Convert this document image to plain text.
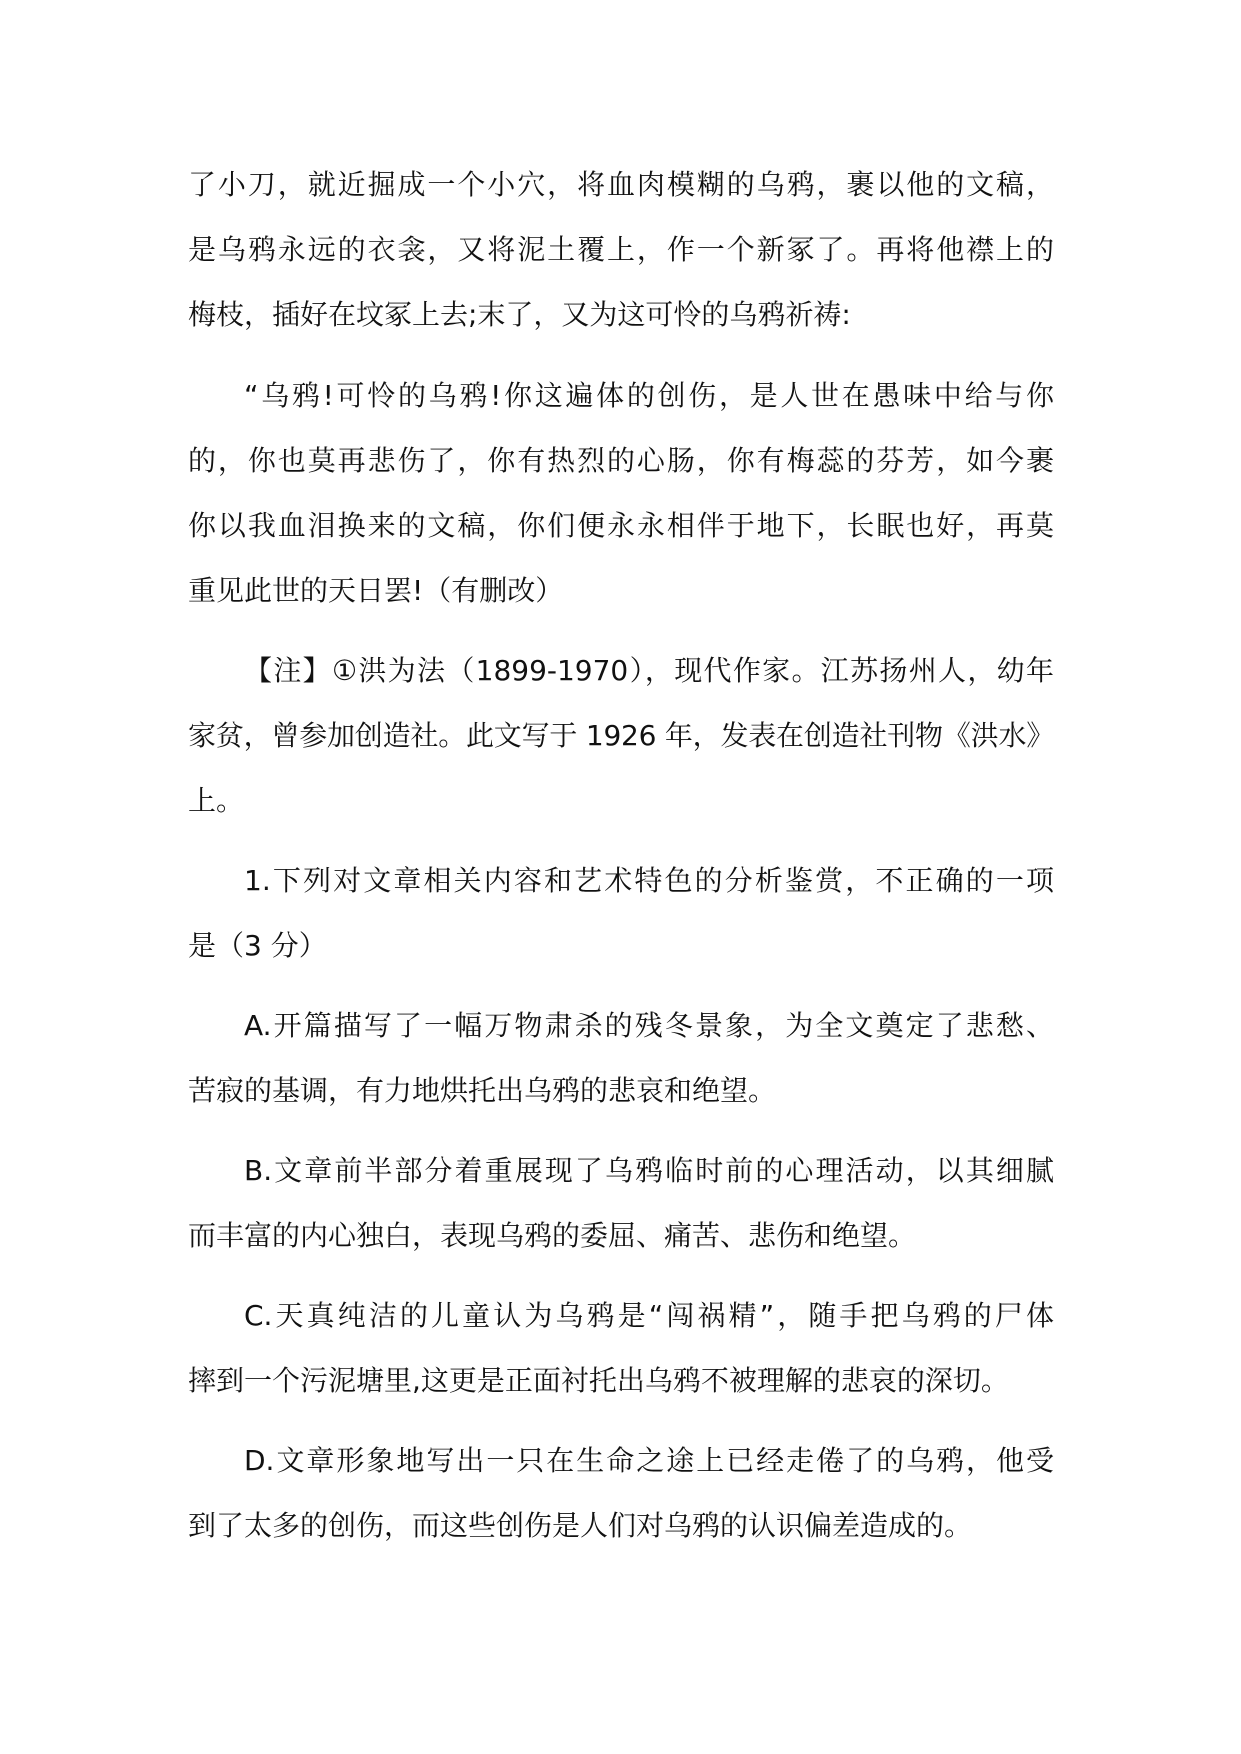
了小刀，就近掘成一个小穴，将血肉模糊的乌鸦，裹以他的文稿，
是乌鸦永远的衣衾，又将泥土覆上，作一个新冢了。再将他襟上的
梅枝，插好在坟冢上去;末了，又为这可怜的乌鸦祈祷:
“乌鸦!可怜的乌鸦!你这遍体的创伤，是人世在愚味中给与你
的，你也莫再悲伤了，你有热烈的心肠，你有梅蕊的芬芳，如今裹
你以我血泪换来的文稿，你们便永永相伴于地下，长眠也好，再莫
重见此世的天日罢!（有删改）
【注】①洪为法（1899-1970），现代作家。江苏扬州人，幼年
家贫，曾参加创造社。此文写于 1926 年，发表在创造社刊物《洪水》
上。
1.下列对文章相关内容和艺术特色的分析鉴赏，不正确的一项
是（3 分）
A.开篇描写了一幅万物肃杀的残冬景象，为全文奠定了悲愁、
苦寂的基调，有力地烘托出乌鸦的悲哀和绝望。
B.文章前半部分着重展现了乌鸦临时前的心理活动，以其细腻
而丰富的内心独白，表现乌鸦的委屈、痛苦、悲伤和绝望。
C.天真纯洁的儿童认为乌鸦是“闯祸精”，随手把乌鸦的尸体
摔到一个污泥塘里,这更是正面衬托出乌鸦不被理解的悲哀的深切。
D.文章形象地写出一只在生命之途上已经走倦了的乌鸦，他受
到了太多的创伤，而这些创伤是人们对乌鸦的认识偏差造成的。
